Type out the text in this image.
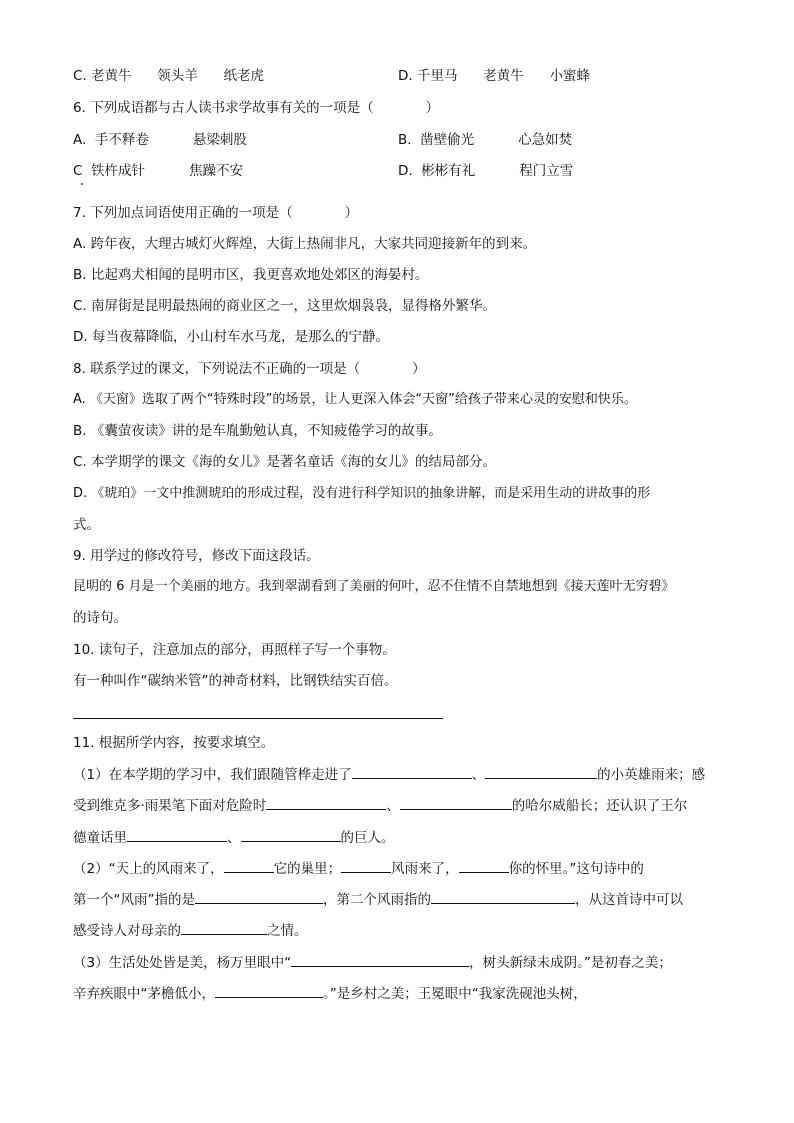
C. 老黄牛 领头羊 纸老虎	D. 千里马 老黄牛 小蜜蜂
6. 下列成语都与古人读书求学故事有关的一项是（	）
A. 手不释卷	悬梁刺股	B. 凿壁偷光	心急如焚
C 铁杵成针	焦躁不安	D. 彬彬有礼	程门立雪
7. 下列加点词语使用正确的一项是（	）
A. 跨年夜，大理古城灯火辉煌，大街上热闹非凡，大家共同迎接新年的到来。
B. 比起鸡犬相闻的昆明市区，我更喜欢地处郊区的海晏村。
C. 南屏街是昆明最热闹的商业区之一，这里炊烟袅袅，显得格外繁华。
D. 每当夜幕降临，小山村车水马龙，是那么的宁静。
8. 联系学过的课文，下列说法不正确的一项是（	）
A. 《天窗》选取了两个“特殊时段”的场景，让人更深入体会“天窗”给孩子带来心灵的安慰和快乐。
B. 《囊萤夜读》讲的是车胤勤勉认真，不知疲倦学习的故事。
C. 本学期学的课文《海的女儿》是著名童话《海的女儿》的结局部分。
D. 《琥珀》一文中推测琥珀的形成过程，没有进行科学知识的抽象讲解，而是采用生动的讲故事的形
式。
9. 用学过的修改符号，修改下面这段话。
昆明的 6 月是一个美丽的地方。我到翠湖看到了美丽的何叶，忍不住情不自禁地想到《接天莲叶无穷碧》
的诗句。
10. 读句子，注意加点的部分，再照样子写一个事物。
有一种叫作“碳纳米管”的神奇材料，比钢铁结实百倍。
11. 根据所学内容，按要求填空。
（1）在本学期的学习中，我们跟随管桦走进了	、	的小英雄雨来；感
受到维克多·雨果笔下面对危险时	、	的哈尔威船长；还认识了王尔
德童话里	、	的巨人。
（2）“天上的风雨来了，	它的巢里；	风雨来了，	你的怀里。”这句诗中的
第一个“风雨”指的是	，第二个风雨指的	，从这首诗中可以
感受诗人对母亲的	之情。
（3）生活处处皆是美，杨万里眼中“	，树头新绿未成阴。”是初春之美；
辛弃疾眼中“茅檐低小，	。”是乡村之美；王冕眼中“我家洗砚池头树，
